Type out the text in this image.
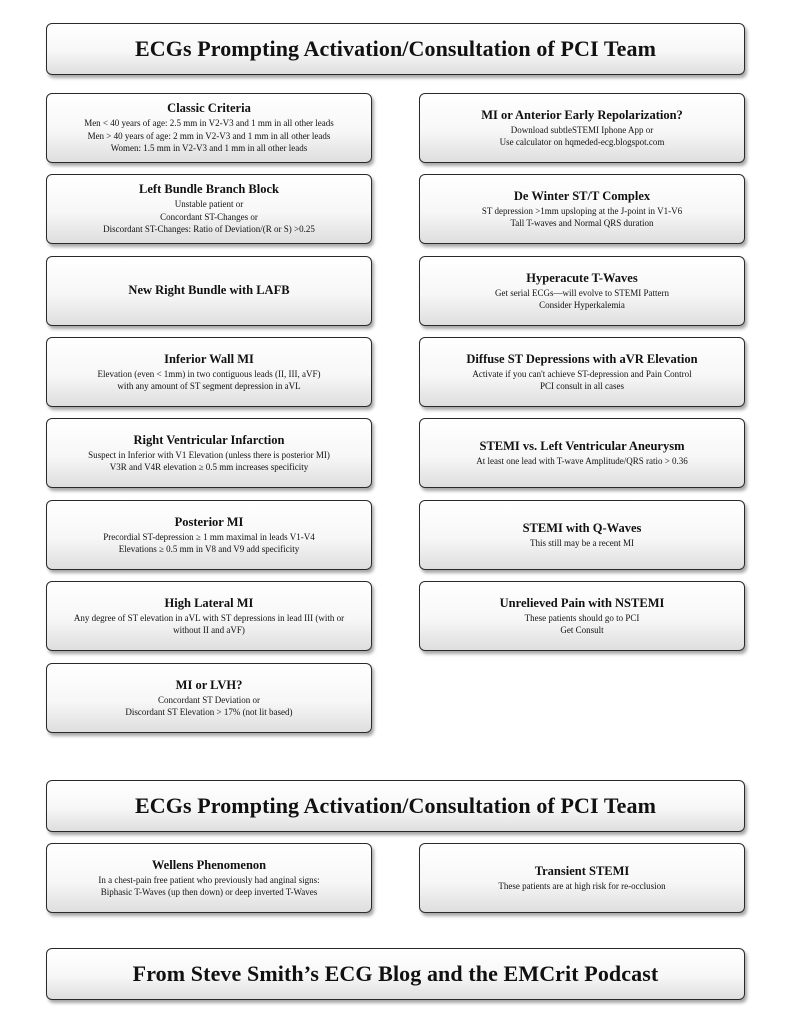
ECGs Prompting Activation/Consultation of PCI Team
Classic Criteria
Men < 40 years of age: 2.5 mm in V2-V3 and 1 mm in all other leads
Men > 40 years of age: 2 mm in V2-V3 and 1 mm in all other leads
Women: 1.5 mm in V2-V3 and 1 mm in all other leads
Left Bundle Branch Block
Unstable patient or
Concordant ST-Changes or
Discordant ST-Changes: Ratio of Deviation/(R or S) >0.25
New Right Bundle with LAFB
Inferior Wall MI
Elevation (even < 1mm) in two contiguous leads (II, III, aVF)
with any amount of ST segment depression in aVL
Right Ventricular Infarction
Suspect in Inferior with V1 Elevation (unless there is posterior MI)
V3R and V4R elevation ≥ 0.5 mm increases specificity
Posterior MI
Precordial ST-depression ≥ 1 mm maximal in leads V1-V4
Elevations ≥ 0.5 mm in V8 and V9 add specificity
High Lateral MI
Any degree of ST elevation in aVL with ST depressions in lead III (with or
without II and aVF)
MI or LVH?
Concordant ST Deviation or
Discordant ST Elevation > 17% (not lit based)
MI or Anterior Early Repolarization?
Download subtleSTEMI Iphone App or
Use calculator on hqmeded-ecg.blogspot.com
De Winter ST/T Complex
ST depression >1mm upsloping at the J-point in V1-V6
Tall T-waves and Normal QRS duration
Hyperacute T-Waves
Get serial ECGs—will evolve to STEMI Pattern
Consider Hyperkalemia
Diffuse ST Depressions with aVR Elevation
Activate if you can't achieve ST-depression and Pain Control
PCI consult in all cases
STEMI vs. Left Ventricular Aneurysm
At least one lead with T-wave Amplitude/QRS ratio > 0.36
STEMI with Q-Waves
This still may be a recent MI
Unrelieved Pain with NSTEMI
These patients should go to PCI
Get Consult
Wellens Phenomenon
In a chest-pain free patient who previously had anginal signs:
Biphasic T-Waves (up then down) or deep inverted T-Waves
Transient STEMI
These patients are at high risk for re-occlusion
ECGs Prompting Activation/Consultation of PCI Team
From Steve Smith’s ECG Blog and the EMCrit Podcast
